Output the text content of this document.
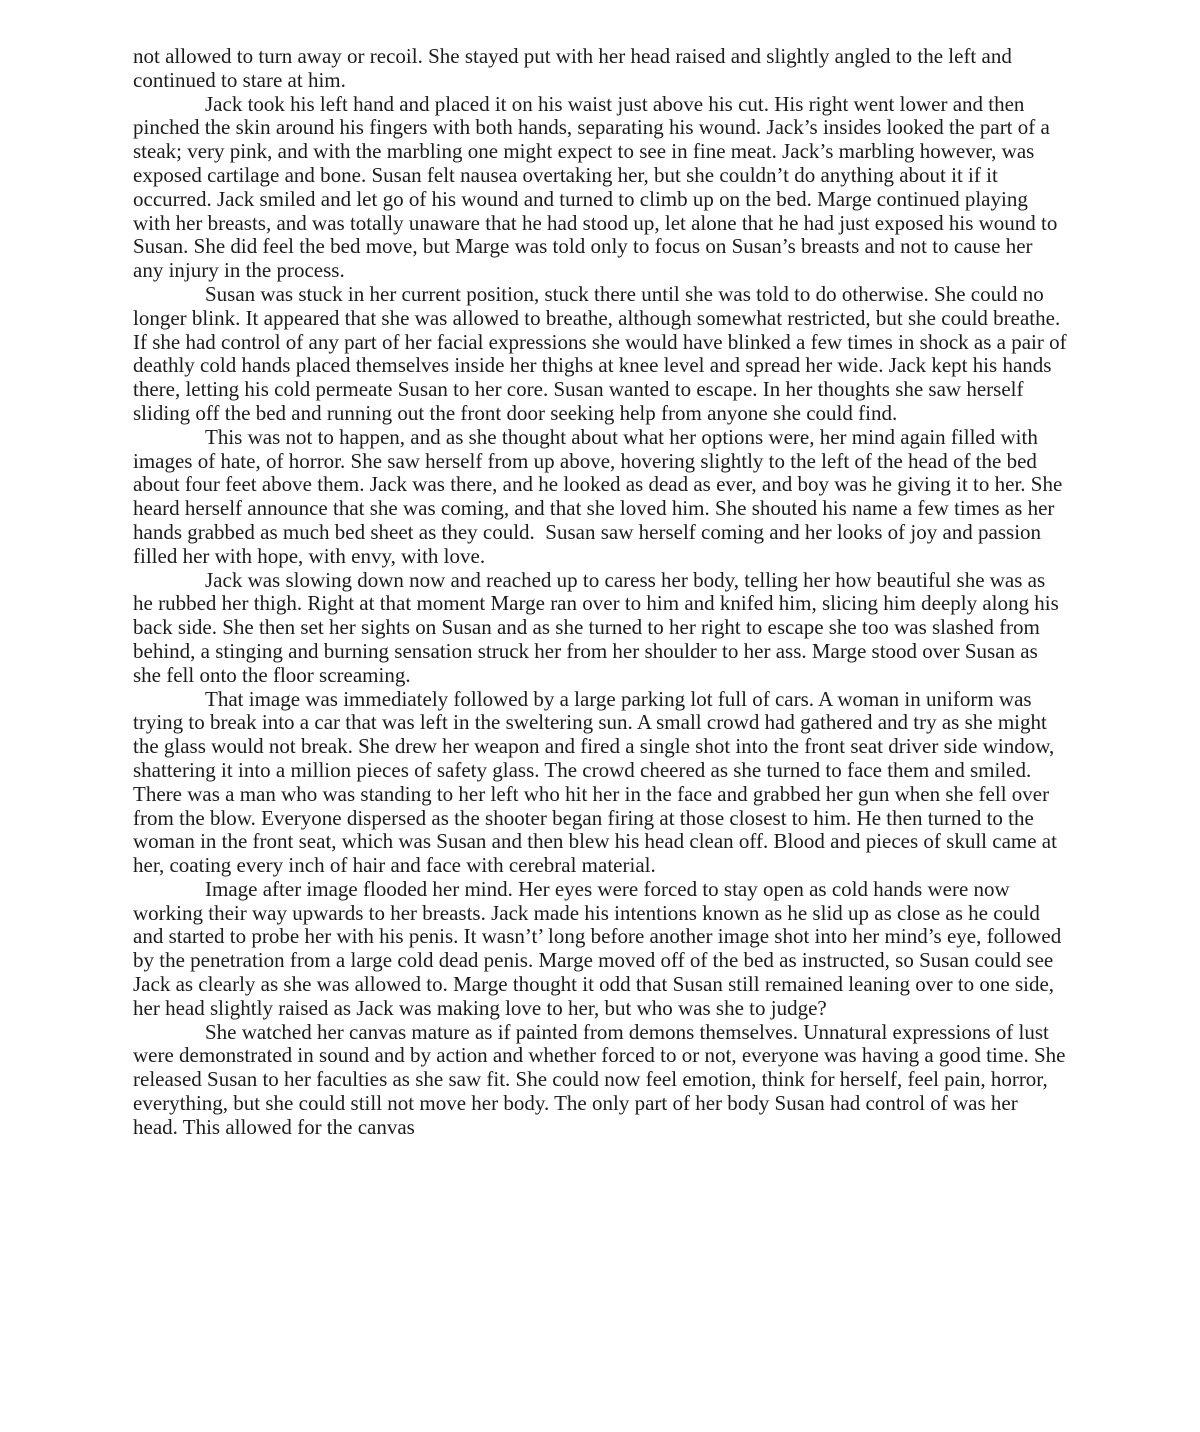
not allowed to turn away or recoil. She stayed put with her head raised and slightly angled to the left and continued to stare at him.

Jack took his left hand and placed it on his waist just above his cut. His right went lower and then pinched the skin around his fingers with both hands, separating his wound. Jack’s insides looked the part of a steak; very pink, and with the marbling one might expect to see in fine meat. Jack’s marbling however, was exposed cartilage and bone. Susan felt nausea overtaking her, but she couldn’t do anything about it if it occurred. Jack smiled and let go of his wound and turned to climb up on the bed. Marge continued playing with her breasts, and was totally unaware that he had stood up, let alone that he had just exposed his wound to Susan. She did feel the bed move, but Marge was told only to focus on Susan’s breasts and not to cause her any injury in the process.

Susan was stuck in her current position, stuck there until she was told to do otherwise. She could no longer blink. It appeared that she was allowed to breathe, although somewhat restricted, but she could breathe. If she had control of any part of her facial expressions she would have blinked a few times in shock as a pair of deathly cold hands placed themselves inside her thighs at knee level and spread her wide. Jack kept his hands there, letting his cold permeate Susan to her core. Susan wanted to escape. In her thoughts she saw herself sliding off the bed and running out the front door seeking help from anyone she could find.

This was not to happen, and as she thought about what her options were, her mind again filled with images of hate, of horror. She saw herself from up above, hovering slightly to the left of the head of the bed about four feet above them. Jack was there, and he looked as dead as ever, and boy was he giving it to her. She heard herself announce that she was coming, and that she loved him. She shouted his name a few times as her hands grabbed as much bed sheet as they could.  Susan saw herself coming and her looks of joy and passion filled her with hope, with envy, with love.

Jack was slowing down now and reached up to caress her body, telling her how beautiful she was as he rubbed her thigh. Right at that moment Marge ran over to him and knifed him, slicing him deeply along his back side. She then set her sights on Susan and as she turned to her right to escape she too was slashed from behind, a stinging and burning sensation struck her from her shoulder to her ass. Marge stood over Susan as she fell onto the floor screaming.

That image was immediately followed by a large parking lot full of cars. A woman in uniform was trying to break into a car that was left in the sweltering sun. A small crowd had gathered and try as she might the glass would not break. She drew her weapon and fired a single shot into the front seat driver side window, shattering it into a million pieces of safety glass. The crowd cheered as she turned to face them and smiled. There was a man who was standing to her left who hit her in the face and grabbed her gun when she fell over from the blow. Everyone dispersed as the shooter began firing at those closest to him. He then turned to the woman in the front seat, which was Susan and then blew his head clean off. Blood and pieces of skull came at her, coating every inch of hair and face with cerebral material.

Image after image flooded her mind. Her eyes were forced to stay open as cold hands were now working their way upwards to her breasts. Jack made his intentions known as he slid up as close as he could and started to probe her with his penis. It wasn’t’ long before another image shot into her mind’s eye, followed by the penetration from a large cold dead penis. Marge moved off of the bed as instructed, so Susan could see Jack as clearly as she was allowed to. Marge thought it odd that Susan still remained leaning over to one side, her head slightly raised as Jack was making love to her, but who was she to judge?

She watched her canvas mature as if painted from demons themselves. Unnatural expressions of lust were demonstrated in sound and by action and whether forced to or not, everyone was having a good time. She released Susan to her faculties as she saw fit. She could now feel emotion, think for herself, feel pain, horror, everything, but she could still not move her body. The only part of her body Susan had control of was her head. This allowed for the canvas
